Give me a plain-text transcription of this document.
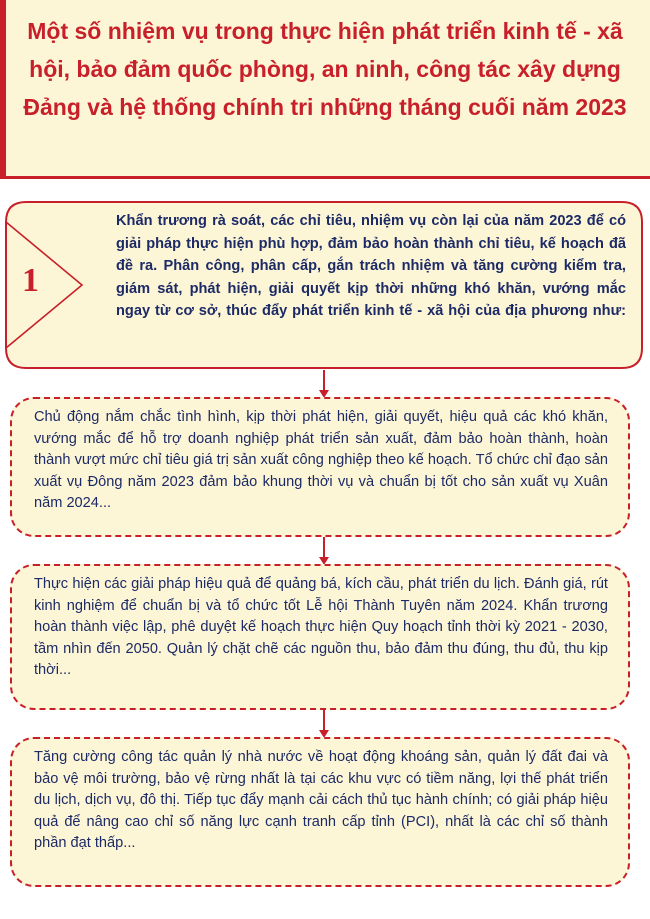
Một số nhiệm vụ trong thực hiện phát triển kinh tế - xã hội, bảo đảm quốc phòng, an ninh, công tác xây dựng Đảng và hệ thống chính tri những tháng cuối năm 2023
1
Khẩn trương rà soát, các chỉ tiêu, nhiệm vụ còn lại của năm 2023 để có giải pháp thực hiện phù hợp, đảm bảo hoàn thành chỉ tiêu, kế hoạch đã đề ra. Phân công, phân cấp, gắn trách nhiệm và tăng cường kiểm tra, giám sát, phát hiện, giải quyết kịp thời những khó khăn, vướng mắc ngay từ cơ sở, thúc đẩy phát triển kinh tế - xã hội của địa phương như:
Chủ động nắm chắc tình hình, kịp thời phát hiện, giải quyết, hiệu quả các khó khăn, vướng mắc để hỗ trợ doanh nghiệp phát triển sản xuất, đảm bảo hoàn thành, hoàn thành vượt mức chỉ tiêu giá trị sản xuất công nghiệp theo kế hoạch. Tổ chức chỉ đạo sản xuất vụ Đông năm 2023 đảm bảo khung thời vụ và chuẩn bị tốt cho sản xuất vụ Xuân năm 2024...
Thực hiện các giải pháp hiệu quả để quảng bá, kích cầu, phát triển du lịch. Đánh giá, rút kinh nghiệm để chuẩn bị và tổ chức tốt Lễ hội Thành Tuyên năm 2024. Khẩn trương hoàn thành việc lập, phê duyệt kế hoạch thực hiện Quy hoạch tỉnh thời kỳ 2021 - 2030, tầm nhìn đến 2050. Quản lý chặt chẽ các nguồn thu, bảo đảm thu đúng, thu đủ, thu kịp thời...
Tăng cường công tác quản lý nhà nước về hoạt động khoáng sản, quản lý đất đai và bảo vệ môi trường, bảo vệ rừng nhất là tại các khu vực có tiềm năng, lợi thế phát triển du lịch, dịch vụ, đô thị. Tiếp tục đẩy mạnh cải cách thủ tục hành chính; có giải pháp hiệu quả để nâng cao chỉ số năng lực cạnh tranh cấp tỉnh (PCI), nhất là các chỉ số thành phần đạt thấp...
